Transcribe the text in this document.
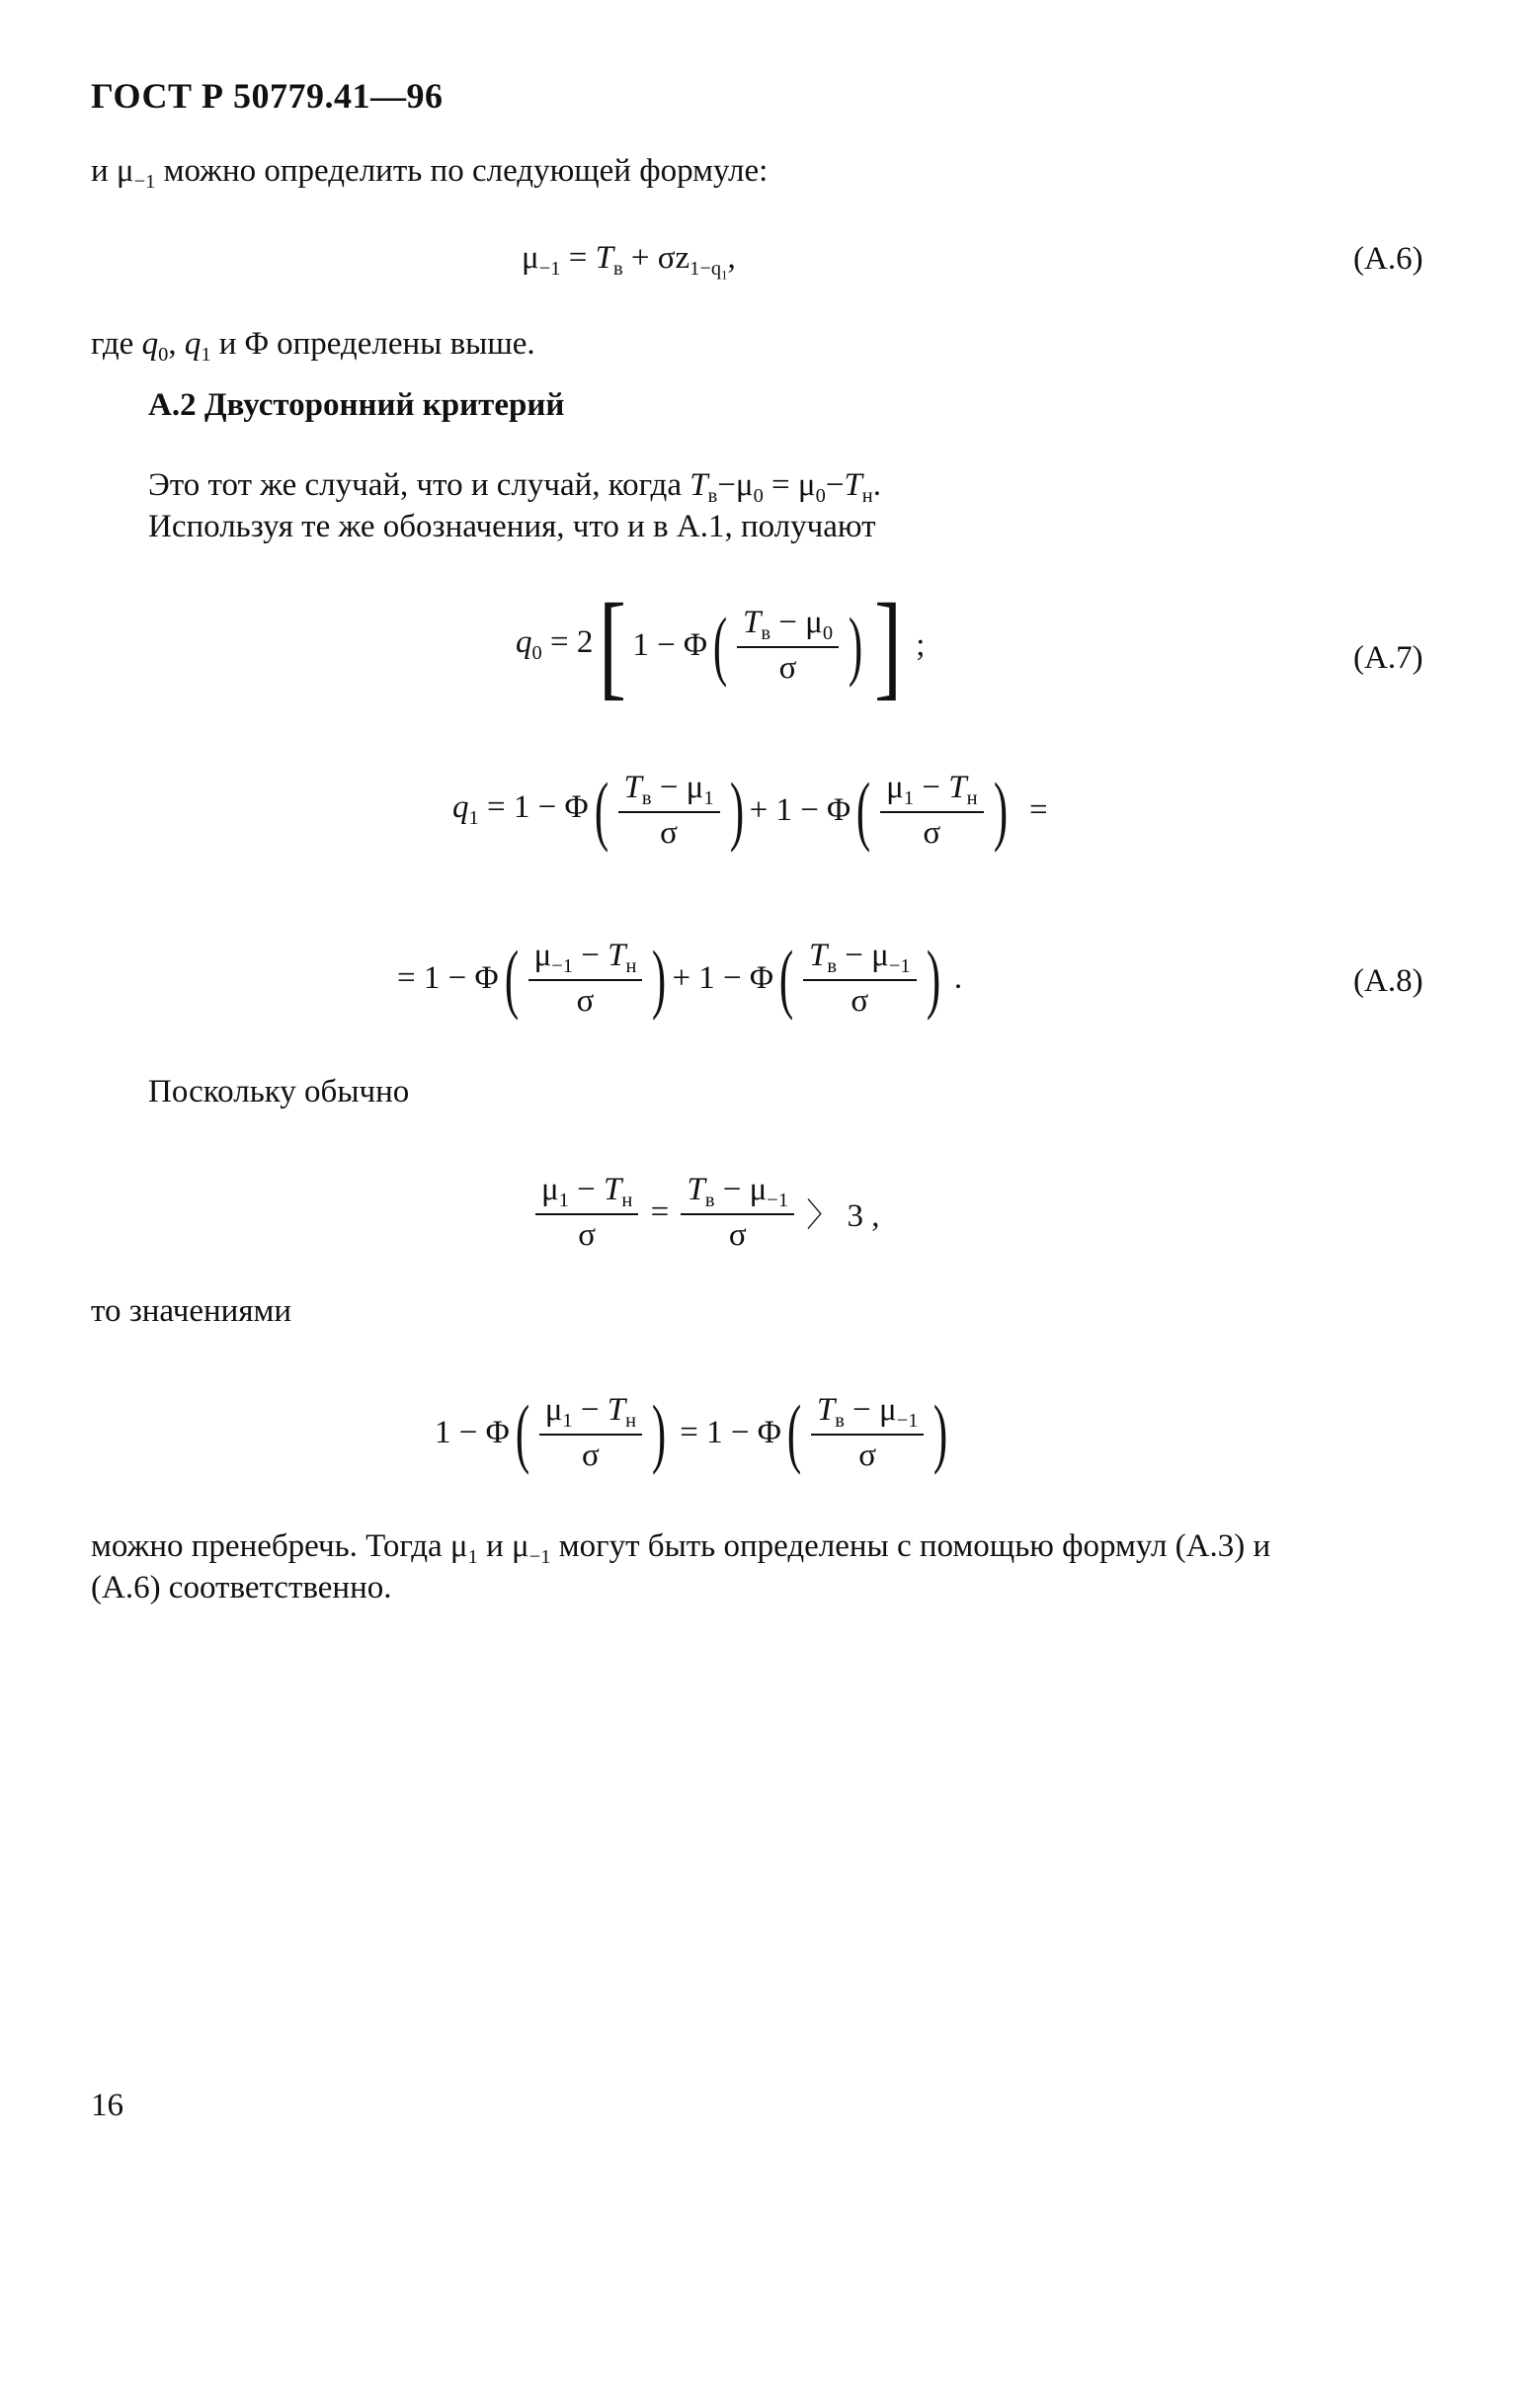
ГОСТ Р 50779.41—96
и $\mu_{-1}$ можно определить по следующей формуле:
$\mu_{-1} = T_в + \sigma z_{1-q_1}$,	(А.6)
где $q_0$, $q_1$ и Φ определены выше.
А.2 Двусторонний критерий
Это тот же случай, что и случай, когда $T_в-\mu_0 = \mu_0-T_н$.
Используя те же обозначения, что и в А.1, получают
$q_0 = 2$ [ 1 − Φ ( $\frac{T_в - \mu_0}{\sigma}$ ) ] ;	(А.7)
$q_1 = 1 - \Phi$ ( $\frac{T_в - \mu_1}{\sigma}$ ) + 1 − Φ ( $\frac{\mu_1 - T_н}{\sigma}$ ) =
= 1 − Φ ( $\frac{\mu_{-1} - T_н}{\sigma}$ ) + 1 − Φ ( $\frac{T_в - \mu_{-1}}{\sigma}$ ) .	(А.8)
Поскольку обычно
$\frac{\mu_1 - T_н}{\sigma} = \frac{T_в - \mu_{-1}}{\sigma}$ 〉 3 ,
то значениями
1 − Φ ( $\frac{\mu_1 - T_н}{\sigma}$ ) = 1 − Φ ( $\frac{T_в - \mu_{-1}}{\sigma}$ )
можно пренебречь. Тогда $\mu_1$ и $\mu_{-1}$ могут быть определены с помощью формул (А.3) и
(А.6) соответственно.
16
